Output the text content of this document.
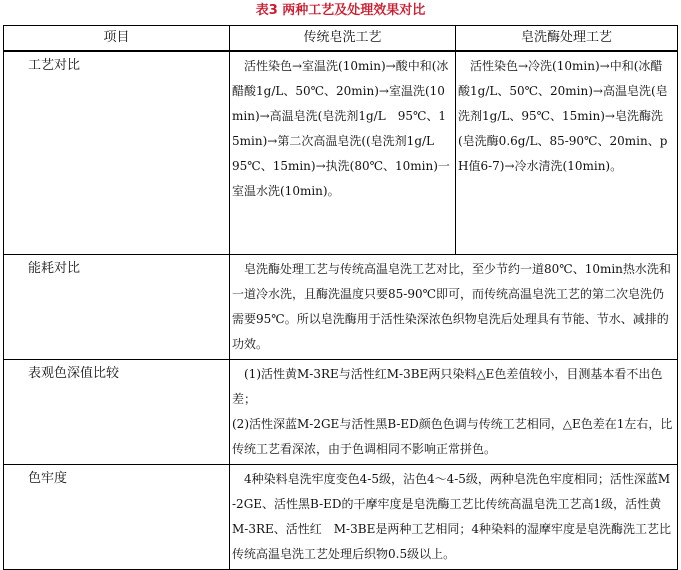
表3 两种工艺及处理效果对比
项目	传统皂洗工艺	皂洗酶处理工艺
工艺对比	活性染色→室温洗(10min)→酸中和(冰醋酸1g/L、50℃、20min)→室温洗(10min)→高温皂洗(皂洗剂1g/L　95℃、15min)→第二次高温皂洗((皂洗剂1g/L　95℃、15min)→执洗(80℃、10min)一室温水洗(10min)。	活性染色→冷洗(10min)→中和(冰醋酸1g/L、50℃、20min)→高温皂洗(皂洗剂1g/L、95℃、15min)→皂洗酶洗(皂洗酶0.6g/L、85-90℃、20min、pH值6-7)→冷水清洗(10min)。
能耗对比	皂洗酶处理工艺与传统高温皂洗工艺对比，至少节约一道80℃、10min热水洗和一道冷水洗，且酶洗温度只要85-90℃即可，而传统高温皂洗工艺的第二次皂洗仍需要95℃。所以皂洗酶用于活性染深浓色织物皂洗后处理具有节能、节水、减排的功效。	

表观色深值比较	(1)活性黄M-3RE与活性红M-3BE两只染料△E色差值较小，目测基本看不出色差；

(2)活性深蓝M-2GE与活性黑B-ED颜色色调与传统工艺相同，△E色差在1左右，比传统工艺看深浓，由于色调相同不影响正常拼色。	

色牢度	4种染料皂洗牢度变色4-5级，沾色4～4-5级，两种皂洗色牢度相同；活性深蓝M-2GE、活性黑B-ED的干摩牢度是皂洗酶工艺比传统高温皂洗工艺高1级，活性黄M-3RE、活性红　M-3BE是两种工艺相同；4种染料的湿摩牢度是皂洗酶洗工艺比传统高温皂洗工艺处理后织物0.5级以上。	
